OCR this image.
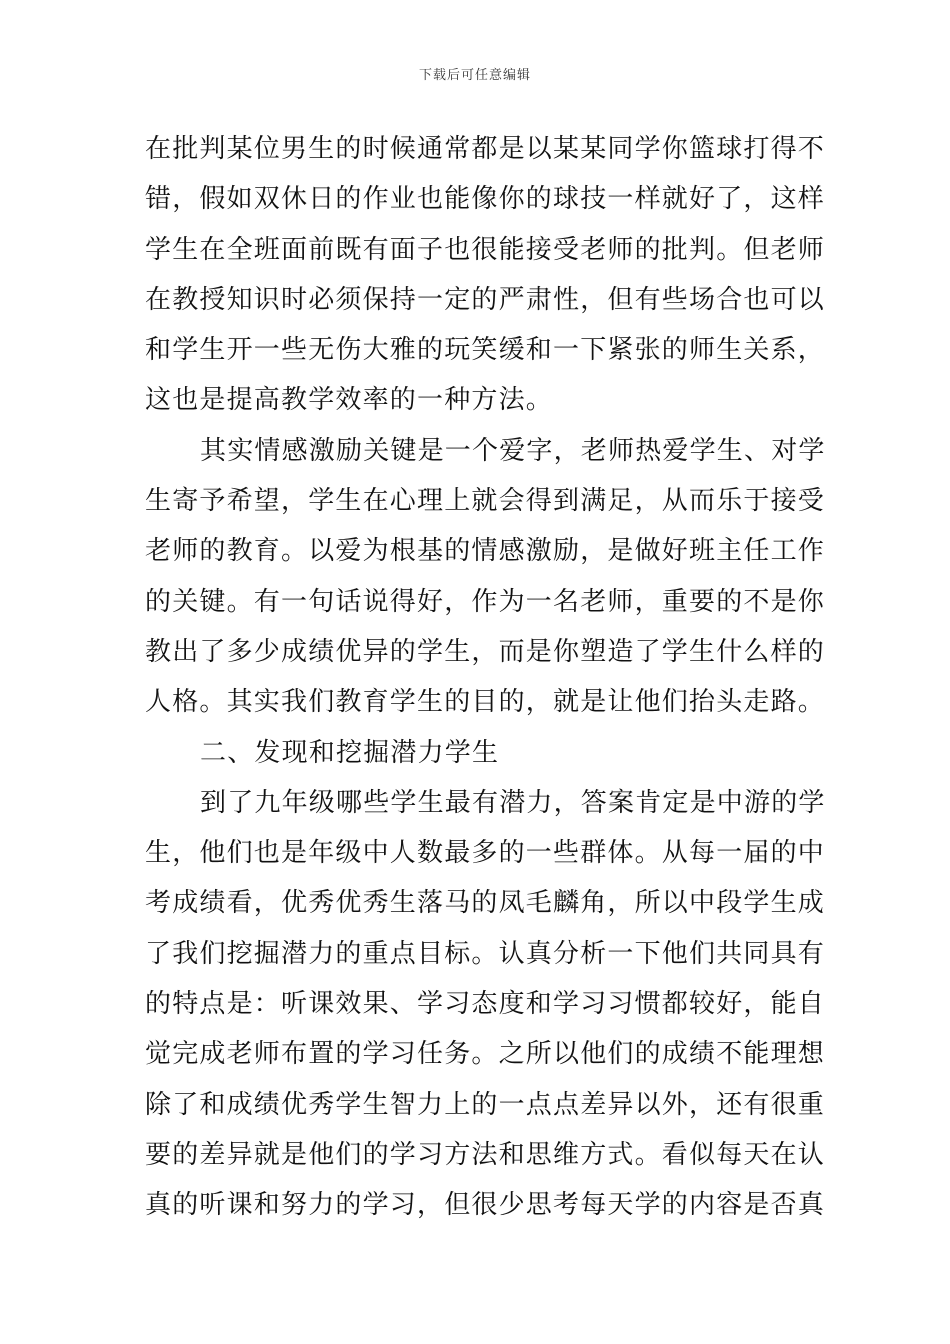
下载后可任意编辑
在批判某位男生的时候通常都是以某某同学你篮球打得不
错，假如双休日的作业也能像你的球技一样就好了，这样
学生在全班面前既有面子也很能接受老师的批判。但老师
在教授知识时必须保持一定的严肃性，但有些场合也可以
和学生开一些无伤大雅的玩笑缓和一下紧张的师生关系，
这也是提高教学效率的一种方法。
其实情感激励关键是一个爱字，老师热爱学生、对学
生寄予希望，学生在心理上就会得到满足，从而乐于接受
老师的教育。以爱为根基的情感激励，是做好班主任工作
的关键。有一句话说得好，作为一名老师，重要的不是你
教出了多少成绩优异的学生，而是你塑造了学生什么样的
人格。其实我们教育学生的目的，就是让他们抬头走路。
二、发现和挖掘潜力学生
到了九年级哪些学生最有潜力，答案肯定是中游的学
生，他们也是年级中人数最多的一些群体。从每一届的中
考成绩看，优秀优秀生落马的凤毛麟角，所以中段学生成
了我们挖掘潜力的重点目标。认真分析一下他们共同具有
的特点是：听课效果、学习态度和学习习惯都较好，能自
觉完成老师布置的学习任务。之所以他们的成绩不能理想
除了和成绩优秀学生智力上的一点点差异以外，还有很重
要的差异就是他们的学习方法和思维方式。看似每天在认
真的听课和努力的学习，但很少思考每天学的内容是否真
